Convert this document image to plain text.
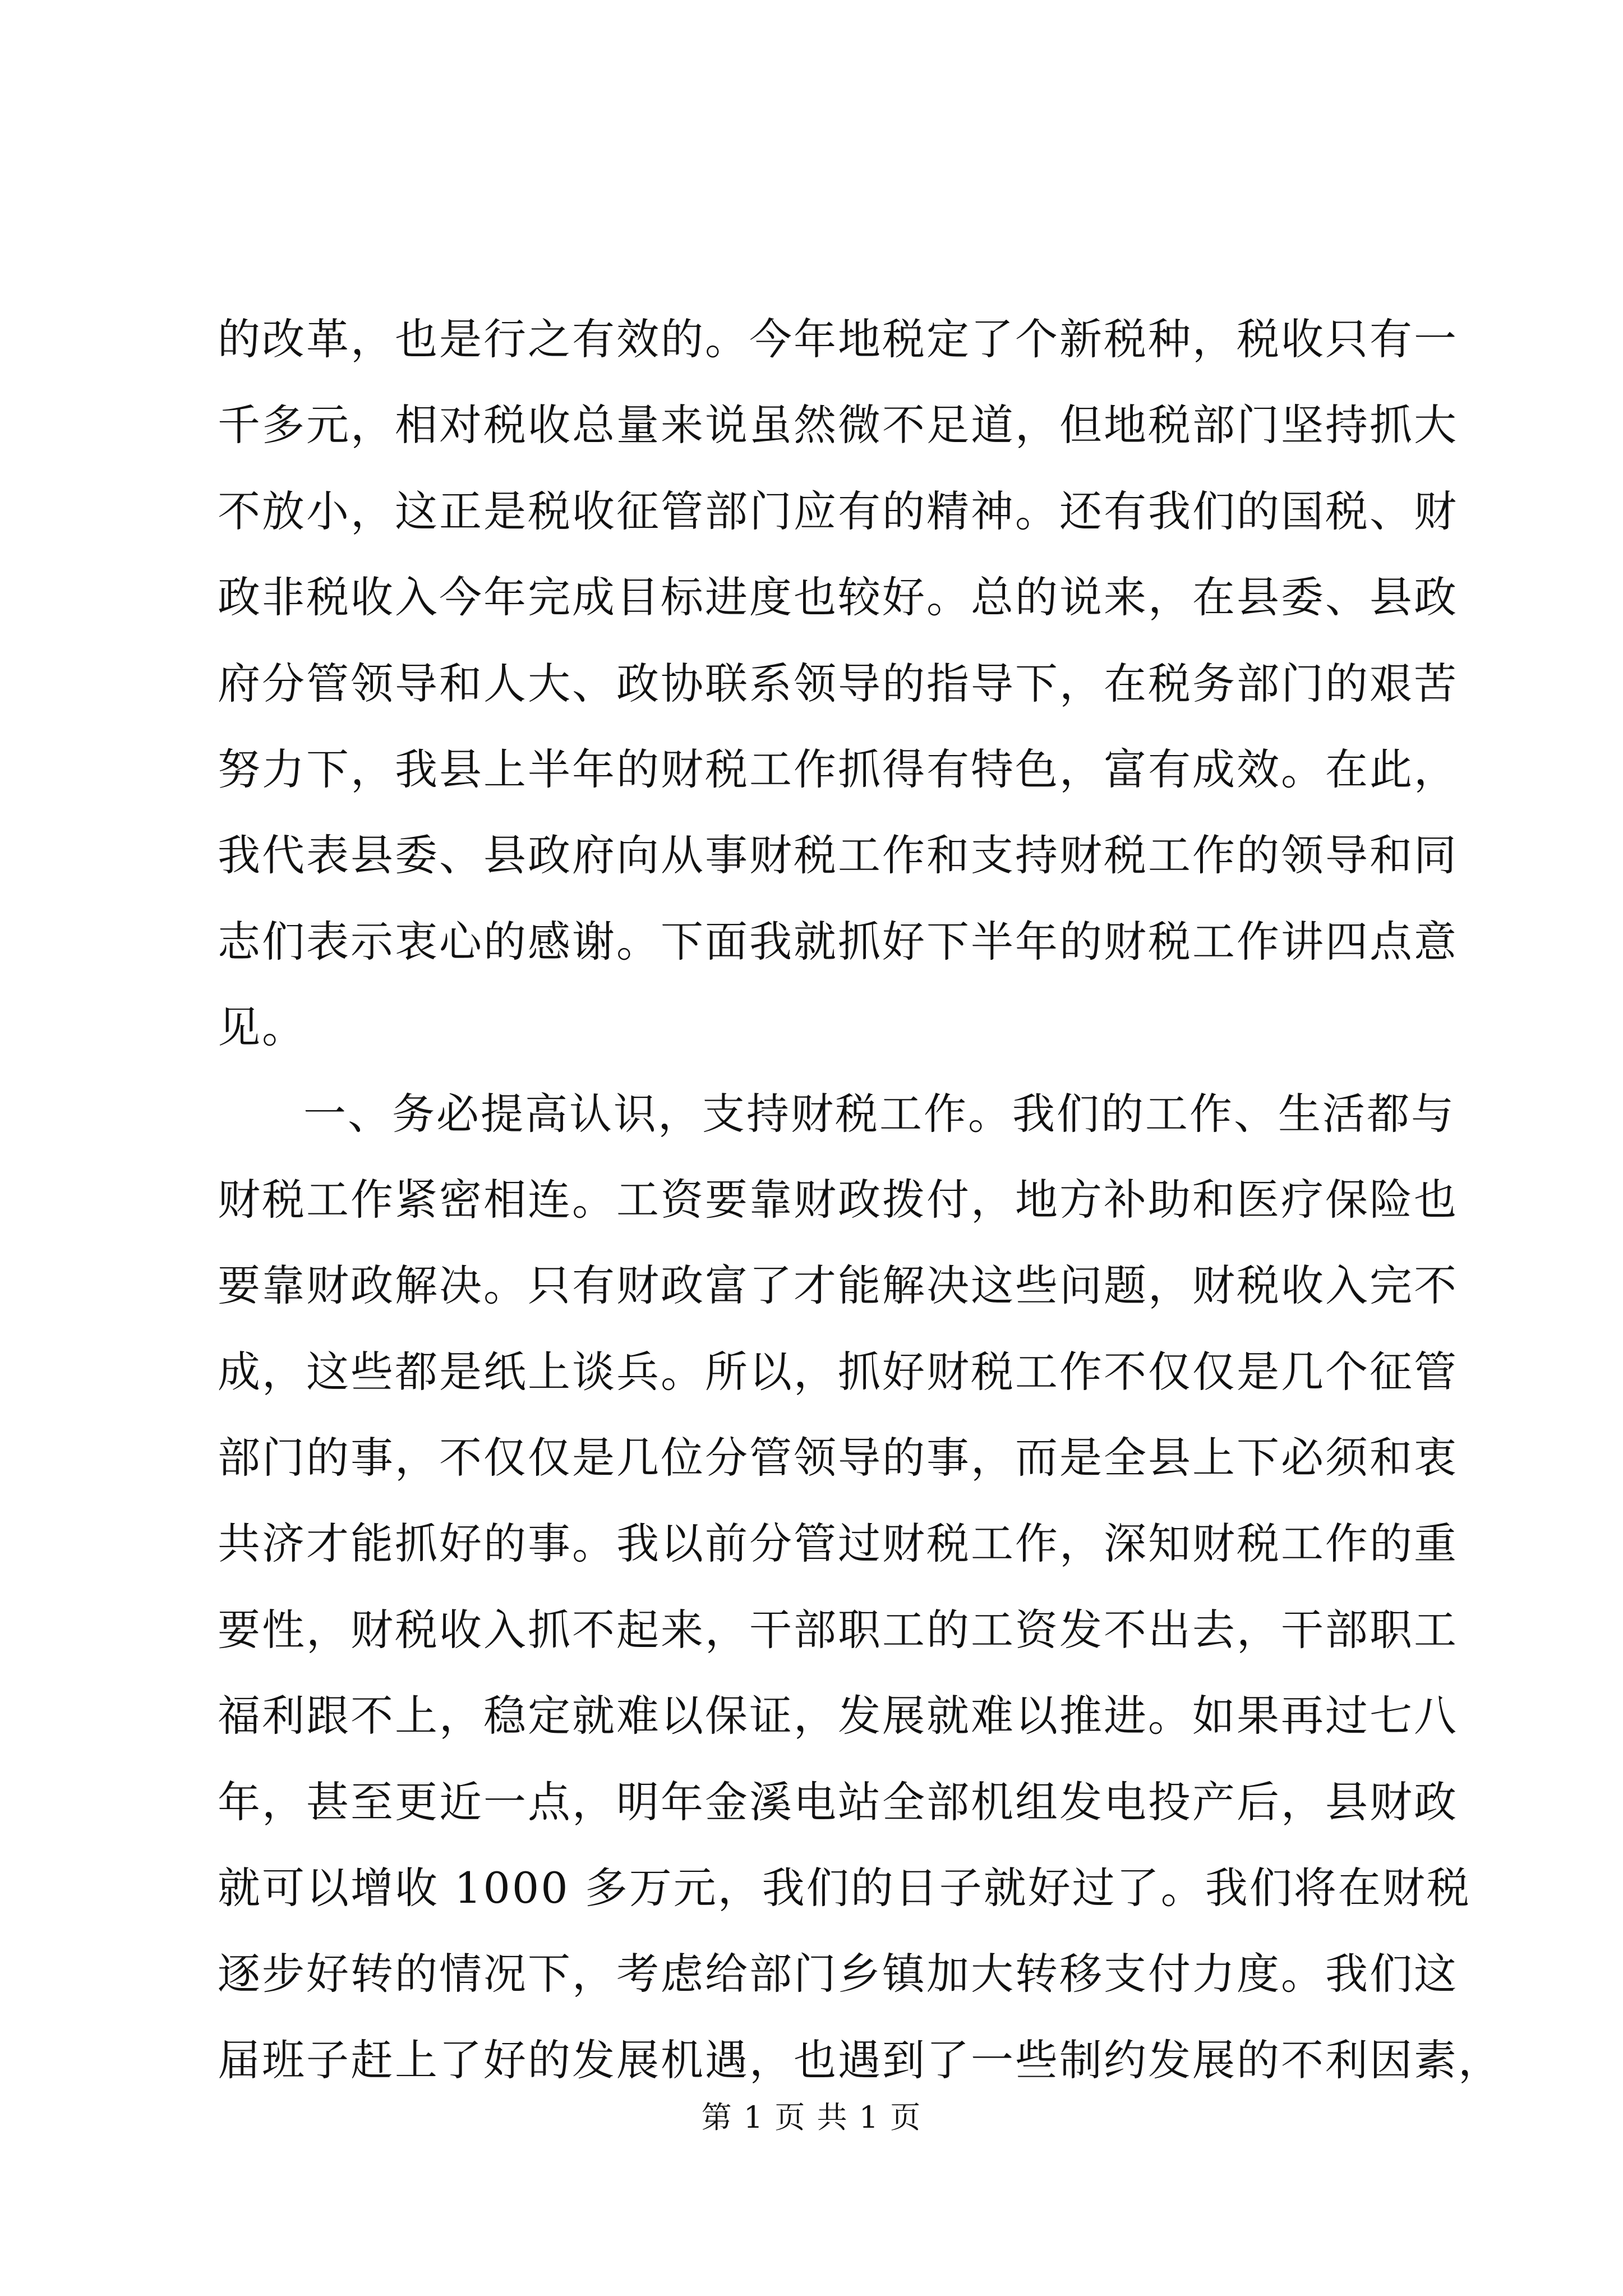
的改革，也是行之有效的。今年地税定了个新税种，税收只有一
千多元，相对税收总量来说虽然微不足道，但地税部门坚持抓大
不放小，这正是税收征管部门应有的精神。还有我们的国税、财
政非税收入今年完成目标进度也较好。总的说来，在县委、县政
府分管领导和人大、政协联系领导的指导下，在税务部门的艰苦
努力下，我县上半年的财税工作抓得有特色，富有成效。在此，
我代表县委、县政府向从事财税工作和支持财税工作的领导和同
志们表示衷心的感谢。下面我就抓好下半年的财税工作讲四点意
见。
一、务必提高认识，支持财税工作。我们的工作、生活都与
财税工作紧密相连。工资要靠财政拨付，地方补助和医疗保险也
要靠财政解决。只有财政富了才能解决这些问题，财税收入完不
成，这些都是纸上谈兵。所以，抓好财税工作不仅仅是几个征管
部门的事，不仅仅是几位分管领导的事，而是全县上下必须和衷
共济才能抓好的事。我以前分管过财税工作，深知财税工作的重
要性，财税收入抓不起来，干部职工的工资发不出去，干部职工
福利跟不上，稳定就难以保证，发展就难以推进。如果再过七八
年，甚至更近一点，明年金溪电站全部机组发电投产后，县财政
就可以增收 1000 多万元，我们的日子就好过了。我们将在财税
逐步好转的情况下，考虑给部门乡镇加大转移支付力度。我们这
届班子赶上了好的发展机遇，也遇到了一些制约发展的不利因素，
第 1 页 共 1 页
